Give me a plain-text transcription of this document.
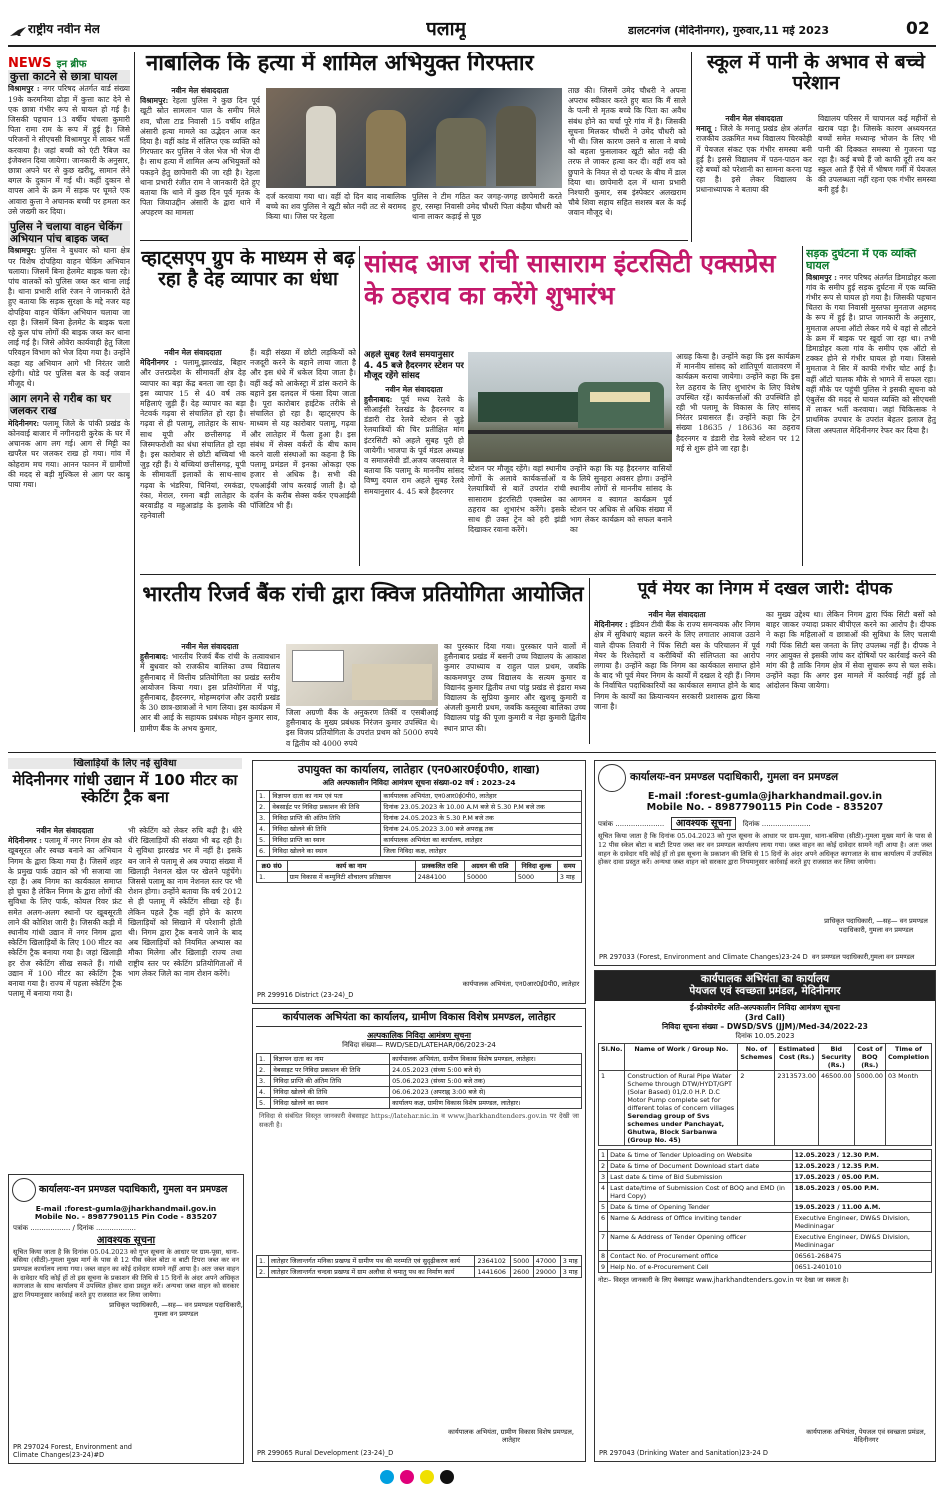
राष्ट्रीय नवीन मेल	पलामू	डालटनगंज (मेदिनीनगर), गुरुवार,11 मई 2023	02
NEWS इन ब्रीफ
कुत्ता काटने से छात्रा घायल
विश्रामपुर : नगर परिषद अंतर्गत वार्ड संख्या 19के करमनिया ढोड़ा में कुत्ता काट देने से एक छात्रा गंभीर रूप से घायल हो गई है। जिसकी पहचान 13 वर्षीय चंचला कुमारी पिता रामा राम के रूप में हुई है। जिसे परिजनों ने सीएचसी विश्रामपुर में लाकर भर्ती करवाया है। जहां बच्ची को एंटी रैबिज का इंजेक्शन दिया जायेगा। जानकारी के अनुसार, छात्रा अपने घर से कुछ खरीदू, सामान लेने बगल के दुकान में गई थी। कहीं दुकान से वापस आने के क्रम में सड़क पर घूमते एक आवारा कुत्ता ने अचानक बच्ची पर हमला कर उसे जख्मी कर दिया।
पुलिस ने चलाया वाहन चेकिंग अभियान पांच बाइक जब्त
विश्रामपुर: पुलिस ने बुधवार को थाना क्षेत्र पर विशेष दोपहिया वाहन चेकिंग अभियान चलाया। जिसमें बिना हेलमेट बाइक चला रहे। पांच वालकों को पुलिस जब्त कर थाना लाई है। थाना प्रभारी शशि रंजन ने जानकारी देते हुए बताया कि सड़क सुरक्षा के मद्दे नजर यह दोपहिया वाहन चेकिंग अभियान चलाया जा रहा है। जिसमें बिना हेलमेट के बाइक चला रहे कुल पांच लोगों की बाइक जब्त कर थाना लाई गई है। जिसे ओवेरा कार्यवाही हेतु जिला परिवहन विभाग को भेज दिया गया है। उन्होंने कहा यह अभियान आगे भी निरंतर जारी रहेगी। थोडे पर पुलिस बल के कई जवान मौजूद थे।
आग लगने से गरीब का घर जलकर राख
मेदिनीनगर: पलामू जिले के पांकी प्रखंड के कोनवाई बाजार में नगीनदारी कुरेक के घर में अचानक आग लग गई। आग से मिट्टी का खपरैल घर जलकर राख हो गया। गांव में कोहराम मच गया। आनन फानन में ग्रामीणों की मदद से बड़ी मुश्किल से आग पर काबू पाया गया।
नाबालिक कि हत्या में शामिल अभियुक्त गिरफ्तार
नवीन मेल संवाददाता
विश्रामपुर: रेहला पुलिस ने कुछ दिन पूर्व खूटी स्रोत सामलान पाल के समीप मिले शव, चौला टाड निवासी 15 वर्षीय शहित अंसारी हत्या मामले का उद्भेदन आज कर दिया है। वहीं कांड में संलिप्त एक व्यक्ति को गिरफ्तार कर पुलिस ने जेल भेज भी भेज दी है। साथ हत्या में शामिल अन्य अभियुक्तों को पकड़ने हेतु छापेमारी की जा रही है। रेहला थाना प्रभारी रंजीत राम ने जानकारी देते हुए बताया कि थाने में कुछ दिन पूर्व मृतक के पिता जियाउद्दीन अंसारी के द्वारा थाने में अपहरण का मामला
दर्ज करवाया गया था। वहीं दो दिन बाद नाबालिक बच्चे का शव पुलिस ने खूटी स्रोत नदी तट से बरामद किया था। जिस पर रेहला
पुलिस ने टीम गठित कर जगह-जगह छापेमारी करते हुए, रसम्हा निवासी उमेद चौधरी पिता कंहैया चौधरी को थाना लाकर कड़ाई से पूछ
ताछ की। जिसमें उमेद चौधरी ने अपना अपराध स्वीकार करते हुए बात कि मैं साले के पत्नी से मृतक बच्चे कि पिता का अवैध संबंध होने का चर्चा पूरे गांव में है। जिसकी सूचना मिलकर चौधरी ने उमेद चौधरी को भी थी। जिस कारण उसने व साला ने बच्चे को बहला फुसलाकर खूटी स्रोत नदी की तरफ ले जाकर हत्या कर दी। वहीं शव को छुपाने के नियत से दो पत्थर के बीच में डाल दिया था। छापेमारी दल में थाना प्रभारी निश्चारी कुमार, सब इंस्पेक्टर अलखराम चौबे शिवा सहाय सहित सशस्त्र बल के कई जवान मौजूद थे।
स्कूल में पानी के अभाव से बच्चे परेशान
नवीन मेल संवाददाता
मनातू : जिले के मनातू प्रखंड क्षेत्र अंतर्गत राजकीय उत्क्रमित मध्य विद्यालय चिरकोही में पेयजल संकट एक गंभीर समस्या बनी हुई है। इससे विद्यालय में पठन-पाठन कर रहे बच्चों को परेशानी का सामना करना पड़ रहा है। इसे लेकर विद्यालय के प्रधानाध्यापक ने बताया की
विद्यालय परिसर में चापानल कई महीनों से खराब पड़ा है। जिसके कारण अध्ययनरत बच्चों समेत मध्यान्ह भोजन के लिए भी पानी की दिक्कत समस्या से गुजरना पड़ रहा है। कई बच्चे हैं जो काफी दूरी तय कर स्कूल आते हैं ऐसे में भीषण गर्मी में पेयजल की उपलब्धता नहीं रहना एक गंभीर समस्या बनी हुई है।
सड़क दुर्घटना में एक व्यक्ति घायल
विश्रामपुर : नगर परिषद अंतर्गत डिमाडोहर कला गांव के समीप हुई सड़क दुर्घटना में एक व्यक्ति गंभीर रूप से घायल हो गया है। जिसकी पहचान चितरा के गया निवासी मुस्तफा मुनताज अहमद के रूप में हुई है। प्राप्त जानकारी के अनुसार, मुमताज अपना ऑटो लेकर गये थे वहां से लौटने के क्रम में बाइक पर खूर्दा जा रहा था। तभी डिमाडोहर कला गांव के समीप एक ऑटो से टक्कर होने से गंभीर घायल हो गया। जिससे मुमताज ने सिर में काफी गंभीर चोट आई है। वहीं ऑटो चालक मौके से भागने में सफल रहा। वहीं मौके पर पहुंची पुलिस ने इसकी सूचना को एंबुलेंस की मदद से घायल व्यक्ति को सीएचसी में लाकर भर्ती करवाया। जहां चिकित्सक ने प्राथमिक उपचार के उपरांत बेहतर इलाज हेतु जिला अस्पताल मेदिनीनगर रेफर कर दिया है।
व्हाट्सएप ग्रुप के माध्यम से बढ़ रहा है देह व्यापार का धंधा
नवीन मेल संवाददाता
मेदिनीनगर : पलामू,झारखंड, बिहार और उत्तरप्रदेश के सीमावर्ती क्षेत्र देह व्यापार का बड़ा केंद्र बनता जा रहा है। इस व्यापार 15 से 40 वर्ष तक महिलाएं जुड़ी हैं। देह व्यापार का बड़ा नेटवर्क गढ़वा से संचालित हो रहा है। गढ़वा से ही पलामू, लातेहार के साथ-साथ यूपी और छत्तीसगढ़ में जिस्मफरोशी का धंधा संचालित हो रहा है। इस कारोबार से छोटी बच्चियां भी जुड़ रही हैं। ये बच्चियां छत्तीसगढ़, यूपी के सीमावर्ती इलाकों के साथ-साथ गढ़वा के भंडरिया, चिनियां, रमकंडा, रंका, मेराल, रमना बड़ी लातेहार के बरवाडीह व महुआडांड़ के इलाके की रहनेवाली
हैं। बड़ी संख्या में छोटी लड़कियों को नजदूरी करने के बहाने लाया जाता है और इस धंधे में धकेल दिया जाता है। वहीं कई को आकेस्ट्रा में डांस कराने के बहाने इस दलदल में फंसा दिया जाता है। पूरा कारोबार हाईटेक तरीके से संचालित हो रहा है। व्हाट्सएप के माध्यम से यह कारोबार पलामू, गढ़वा और लातेहार में फैला हुआ है। इस संबंध में सेक्स वर्करों के बीच काम करने वाली संस्थाओं का कहना है कि पलामू प्रमंडल में इनका ओकड़ा एक हजार से अधिक है। सभी की एचआईवी जांच करवाई जाती है। दो दर्जन के करीब सेक्स वर्कर एचआईवी पॉजिटिव भी हैं।
सांसद आज रांची सासाराम इंटरसिटी एक्सप्रेस के ठहराव का करेंगे शुभारंभ
अहले सुबह रेलवे समयानुसार 4. 45 बजे हैदरनगर स्टेशन पर मौजूद रहेंगे सांसद
नवीन मेल संवाददाता
हुसैनाबाद: पूर्व मध्य रेलवे के सीआईसी रेलखंड के हैदरनगर व डंडारी रोड रेलवे स्टेशन से जुड़े रेलयात्रियों की चिर प्रतीक्षित मांग इंटरसिटी को अहले सुबह पूरी हो जायेगी। भाजपा के पूर्व मंडल अध्यक्ष व समाजसेवी डॉ.अजय जयसवाल ने बताया कि पलामू के माननीय सांसद विष्णु दयाल राम अहले सुबह रेलवे समयानुसार 4. 45 बजे हैदरनगर
स्टेशन पर मौजूद रहेंगे। वहां स्थानीय लोगों के अलावे कार्यकर्त्ताओं व रेलयात्रियों से बातें उपरांत रांची सासाराम इंटरसिटी एक्सप्रेस का ठहराव का शुभारंभ करेंगे। इसके साथ ही उक्त ट्रेन को हरी झंडी दिखाकर रवाना करेंगे।
उन्होंने कहा कि यह हैदरनगर वासियों के लिये सुनहरा अवसर होगा। उन्होंने स्थानीय लोगों से माननीय सांसद के आगमन व स्वागत कार्यक्रम पूर्व स्टेशन पर अधिक से अधिक संख्या में भाग लेकर कार्यक्रम को सफल बनाने का
आग्रह किया है। उन्होंने कहा कि इस कार्यक्रम में माननीय सांसद को शांतिपूर्ण वातावरण में कार्यक्रम कराया जायेगा। उन्होंने कहा कि इस रेल ठहराव के लिए शुभारंभ के लिए विशेष उपस्थित रहें। कार्यकर्त्ताओं की उपस्थिति हो रही भी पलामू के विकास के लिए सांसद निरंतर प्रयासरत हैं। उन्होंने कहा कि ट्रेन संख्या 18635 / 18636 का ठहराव हैदरनगर व डंडारी रोड रेलवे स्टेशन पर 12 मई से शुरू होने जा रहा है।
भारतीय रिजर्व बैंक रांची द्वारा क्विज प्रतियोगिता आयोजित
नवीन मेल संवाददाता
हुसैनाबाद: भारतीय रिजर्व बैंक रांची के तत्वावधान में बुधवार को राजकीय बालिका उच्च विद्यालय हुसैनाबाद में वित्तीय प्रतियोगिता का प्रखंड स्तरीय आयोजन किया गया। इस प्रतियोगिता में पांडु, हुसैनाबाद, हैदरनगर, मोहम्मदगंज और उदारी प्रखंड के 30 छात्र-छात्राओं ने भाग लिया। इस कार्यक्रम में आर बी आई के सहायक प्रबंधक मोहन कुमार साव, ग्रामीण बैंक के अभय कुमार,
जिला अग्रणी बैंक के अनुकरण तिर्की व एसबीआई हुसैनाबाद के मुख्य प्रबंधक निरंजन कुमार उपस्थित थे। इस विजय प्रतियोगिता के उपरांत प्रथम को 5000 रुपये व द्वितीय को 4000 रुपये
का पुरस्कार दिया गया। पुरस्कार पाने वालों में हुसैनाबाद प्रखंड में बसनी उच्च विद्यालय के आकाश कुमार उपाध्याय व राहुल पाल प्रथम, जबकि काकमणपुर उच्च विद्यालय के सत्यम कुमार व विद्यानंद कुमार द्वितीय तथा पांडु प्रखंड से इंडारा मध्य विद्यालय के सुप्रिया कुमार और खुशबू कुमारी व अंजली कुमारी प्रथम, जबकि कस्तूरबा बालिका उच्च विद्यालय पांडु की पूजा कुमारी व नेहा कुमारी द्वितीय स्थान प्राप्त की।
पूर्व मेयर का निगम में दखल जारी: दीपक
नवीन मेल संवाददाता
मेदिनीनगर : इंडियन टीवी बैंक के राज्य समन्वयक और निगम क्षेत्र में सुविधाएं बहाल करने के लिए लगातार आवाज उठाने वाले दीपक तिवारी ने पिंक सिटी बस के परिचालन में पूर्व मेयर के रिश्तेदारों व करीबियों की संलिप्तता का आरोप लगाया है। उन्होंने कहा कि निगम का कार्यकाल समाप्त होने के बाद भी पूर्व मेयर निगम के कार्यों में दखल दे रही हैं। निगम के निर्वाचित पदाधिकारियों का कार्यकाल समाप्त होने के बाद निगम के कार्यों का क्रियान्वयन सरकारी प्रशासक द्वारा किया जाना है।
का मुख्य उद्देश्य था। लेकिन निगम द्वारा पिंक सिटी बसों को बाहर जाकर ज्यादा प्रकार बीपीएल करने का आरोप है। दीपक ने कहा कि महिलाओं व छात्राओं की सुविधा के लिए चलायी गयी पिंक सिटी बस जनता के लिए उपलब्ध नहीं है। दीपक ने नगर आयुक्त से इसकी जांच कर दोषियों पर कार्रवाई करने की मांग की है ताकि निगम क्षेत्र में सेवा सुचारू रूप से चल सके। उन्होंने कहा कि अगर इस मामले में कार्रवाई नहीं हुई तो आंदोलन किया जायेगा।
खिलाड़ियों के लिए नई सुविधा
मेदिनीनगर गांधी उद्यान में 100 मीटर का स्केटिंग ट्रैक बना
नवीन मेल संवाददाता
मेदिनीनगर : पलामू में नगर निगम क्षेत्र को खूबसूरत और स्वच्छ बनाने का अभियान निगम के द्वारा किया गया है। जिसमें शहर के प्रमुख पार्क उद्यान को भी सजाया जा रहा है। अब निगम का कार्यकाल समाप्त हो चुका है लेकिन निगम के द्वारा लोगों की सुविधा के लिए पार्क, कोयल रिवर फ्रंट समेत अलग-अलग स्थानों पर खूबसूरती लाने की कोशिश जारी है। जिसकी कड़ी में स्थानीय गांधी उद्यान में नगर निगम द्वारा स्केटिंग खिलाड़ियों के लिए 100 मीटर का स्केटिंग ट्रैक बनाया गया है। जहां खिलाड़ी हर रोज स्केटिंग सीख सकते हैं। गांधी उद्यान में 100 मीटर का स्केटिंग ट्रैक बनाया गया है। राज्य में पहला स्केटिंग ट्रैक पलामू में बनाया गया है।
भी स्केटिंग को लेकर रुचि बढ़ी है। धीरे धीरे खिलाड़ियों की संख्या भी बढ़ रही है। ये सुविधा झारखंड भर में नहीं है। इसके बन जाने से पलामू से अब ज्यादा संख्या में खिलाड़ी नेशनल खेल पर खेलने पहुंचेंगे। जिससे पलामू का नाम नेशनल स्तर पर भी रोशन होगा। उन्होंने बताया कि वर्ष 2012 से ही पलामू में स्केटिंग सीखा रहे हैं। लेकिन पहले ट्रैक नहीं होने के कारण खिलाड़ियों को सिखाने में परेशानी होती थी। निगम द्वारा ट्रैक बनाये जाने के बाद अब खिलाड़ियों को नियमित अभ्यास का मौका मिलेगा और खिलाड़ी राज्य तथा राष्ट्रीय स्तर पर स्केटिंग प्रतियोगिताओं में भाग लेकर जिले का नाम रोशन करेंगे।
कार्यालयः-वन प्रमण्डल पदाधिकारी, गुमला वन प्रमण्डल
E-mail :forest-gumla@jharkhandmail.gov.in
Mobile No. - 8987790115 Pin Code - 835207
पत्रांक .................. / दिनांक ..................
आवश्यक सूचना
सूचित किया जाता है कि दिनांक 05.04.2023 को गुप्त सूचना के आधार पर ग्राम-पूसा, थाना-बसिया (सीठी)-गुमला मुख्य मार्ग के पास से 12 पीस स्केल बोटा व बाटी टिपरा जब्त कर वन प्रमण्डल कार्यालय लाया गया। जब्त वाहन का कोई दावेदार सामने नहीं आया है। अतः जब्त वाहन के दावेदार यदि कोई हों तो इस सूचना के प्रकाशन की तिथि से 15 दिनों के अंदर अपने अधिकृत कागजात के साथ कार्यालय में उपस्थित होकर दावा प्रस्तुत करें। अन्यथा जब्त वाहन को सरकार द्वारा नियमानुसार कार्रवाई करते हुए राजसात कर लिया जायेगा।
प्राधिकृत पदाधिकारी, —सह— वन प्रमण्डल पदाधिकारी, गुमला वन प्रमण्डल
PR 297024 Forest, Environment and Climate Changes(23-24)#D
उपायुक्त का कार्यालय, लातेहार (एन0आर0ई0पी0, शाखा)
अति अल्पकालीन निविदा आमंत्रण सूचना संख्या-02 वर्ष : 2023-24
1.	विज्ञापन दाता का नाम एवं पता	कार्यपालक अभियंता, एन0आर0ई0पी0, लातेहार
2.	वेबसाईट पर निविदा प्रकाशन की तिथि	दिनांक 23.05.2023 के 10.00 A.M बजे से 5.30 P.M बजे तक
3.	निविदा प्राप्ति की अंतिम तिथि	दिनांक 24.05.2023 के 5.30 P.M बजे तक
4.	निविदा खोलने की तिथि	दिनांक 24.05.2023 3.00 बजे अपराह्न तक
5.	निविदा प्राप्ति का स्थान	कार्यपालक अभियंता का कार्यालय, लातेहार
6.	निविदा खोलने का स्थान	जिला निविदा कक्ष, लातेहार
क्र0 सं0	कार्य का नाम	प्राक्कलित राशि	अग्रधन की राशि	निविदा शुल्क	समय
1.	ग्राम विकास में कम्युनिटी शौचालय प्रतिष्ठापन	2484100	50000	5000	3 माह
कार्यपालक अभियंता, एन0आर0ई0पी0, लातेहार
PR 299916 District (23-24)_D
कार्यपालक अभियंता का कार्यालय, ग्रामीण विकास विशेष प्रमण्डल, लातेहार
अल्पकालिक निविदा आमंत्रण सूचना
निविदा संख्या— RWD/SED/LATEHAR/06/2023-24
1.	विज्ञापन दाता का नाम	कार्यपालक अभियंता, ग्रामीण विकास विशेष प्रमण्डल, लातेहार।
2.	वेबसाइट पर निविदा प्रकाशन की तिथि	24.05.2023 (संध्या 5:00 बजे से)
3.	निविदा प्राप्ति की अंतिम तिथि	05.06.2023 (संध्या 5:00 बजे तक)
4.	निविदा खोलने की तिथि	06.06.2023 (अपराह्न 3:00 बजे से)
5.	निविदा खोलने का स्थान	कार्यालय कक्ष, ग्रामीण विकास विशेष प्रमण्डल, लातेहार।
निविदा से संबंधित विस्तृत जानकारी वेबसाइट https://latehar.nic.in व www.jharkhandtenders.gov.in पर देखी जा सकती है।
1.	लातेहार जिलान्तर्गत मनिका प्रखण्ड में ग्रामीण पथ की मरम्मति एवं सुदृढ़ीकरण कार्य	2364102	5000	47000	3 माह
2.	लातेहार जिलान्तर्गत चन्दवा प्रखण्ड में ग्राम अलौधा से चमातु पथ का निर्माण कार्य	1441606	2600	29000	3 माह
कार्यपालक अभियंता, ग्रामीण विकास विशेष प्रमण्डल, लातेहार
PR 299065 Rural Development (23-24)_D
कार्यालयः-वन प्रमण्डल पदाधिकारी, गुमला वन प्रमण्डल
E-mail :forest-gumla@jharkhandmail.gov.in
Mobile No. - 8987790115 Pin Code - 835207
पत्रांक ......................   आवश्यक सूचना दिनांक ......................
सूचित किया जाता है कि दिनांक 05.04.2023 को गुप्त सूचना के आधार पर ग्राम-पूसा, थाना-बसिया (सीठी)-गुमला मुख्य मार्ग के पास से 12 पीस स्केल बोटा व बाटी टिपरा जब्त कर वन प्रमण्डल कार्यालय लाया गया। जब्त वाहन का कोई दावेदार सामने नहीं आया है। अतः जब्त वाहन के दावेदार यदि कोई हों तो इस सूचना के प्रकाशन की तिथि से 15 दिनों के अंदर अपने अधिकृत कागजात के साथ कार्यालय में उपस्थित होकर दावा प्रस्तुत करें। अन्यथा जब्त वाहन को सरकार द्वारा नियमानुसार कार्रवाई करते हुए राजसात कर लिया जायेगा।
प्राधिकृत पदाधिकारी, —सह— वन प्रमण्डल पदाधिकारी, गुमला वन प्रमण्डल
PR 297033 (Forest, Environment and Climate Changes)23-24 D वन प्रमण्डल पदाधिकारी,गुमला वन प्रमण्डल
कार्यपालक अभियंता का कार्यालय
पेयजल एवं स्वच्छता प्रमंडल, मेदिनीनगर
ई-प्रोक्योरमेंट अति-अल्पकालीन निविदा आमंत्रण सूचना
(3rd Call)
निविदा सूचना संख्या – DWSD/SVS (JJM)/Med-34/2022-23
दिनांक 10.05.2023
Sl.No.	Name of Work / Group No.	No. of Schemes	Estimated Cost (Rs.)	Bid Security (Rs.)	Cost of BOQ (Rs.)	Time of Completion
1	Construction of Rural Pipe Water Scheme through DTW/HYDT/GPT (Solar Based) 01/2.0 H.P. D.C Motor Pump complete set for different tolas of concern villages
Serendag group of Svs schemes under Panchayat, Ghutwa, Block Sarbanwa (Group No. 45)	2	2313573.00	46500.00	5000.00	03 Month
1	Date & time of Tender Uploading on Website	12.05.2023 / 12.30 P.M.
2	Date & time of Document Download start date	12.05.2023 / 12.35 P.M.
3	Last date & time of Bid Submission	17.05.2023 / 05.00 P.M.
4	Last date/time of Submission Cost of BOQ and EMD (in Hard Copy)	18.05.2023 / 05.00 P.M.
5	Date & time of Opening Tender	19.05.2023 / 11.00 A.M.
6	Name & Address of Office inviting tender	Executive Engineer, DW&S Division, Medininagar
7	Name & Address of Tender Opening officer	Executive Engineer, DW&S Division, Medininagar
8	Contact No. of Procurement office	06561-268475
9	Help No. of e-Procurement Cell	0651-2401010
नोटः– विस्तृत जानकारी के लिए वेबसाइट www.jharkhandtenders.gov.in पर देखा जा सकता है।
कार्यपालक अभियंता, पेयजल एवं स्वच्छता प्रमंडल, मेदिनीनगर
PR 297043 (Drinking Water and Sanitation)23-24 D
